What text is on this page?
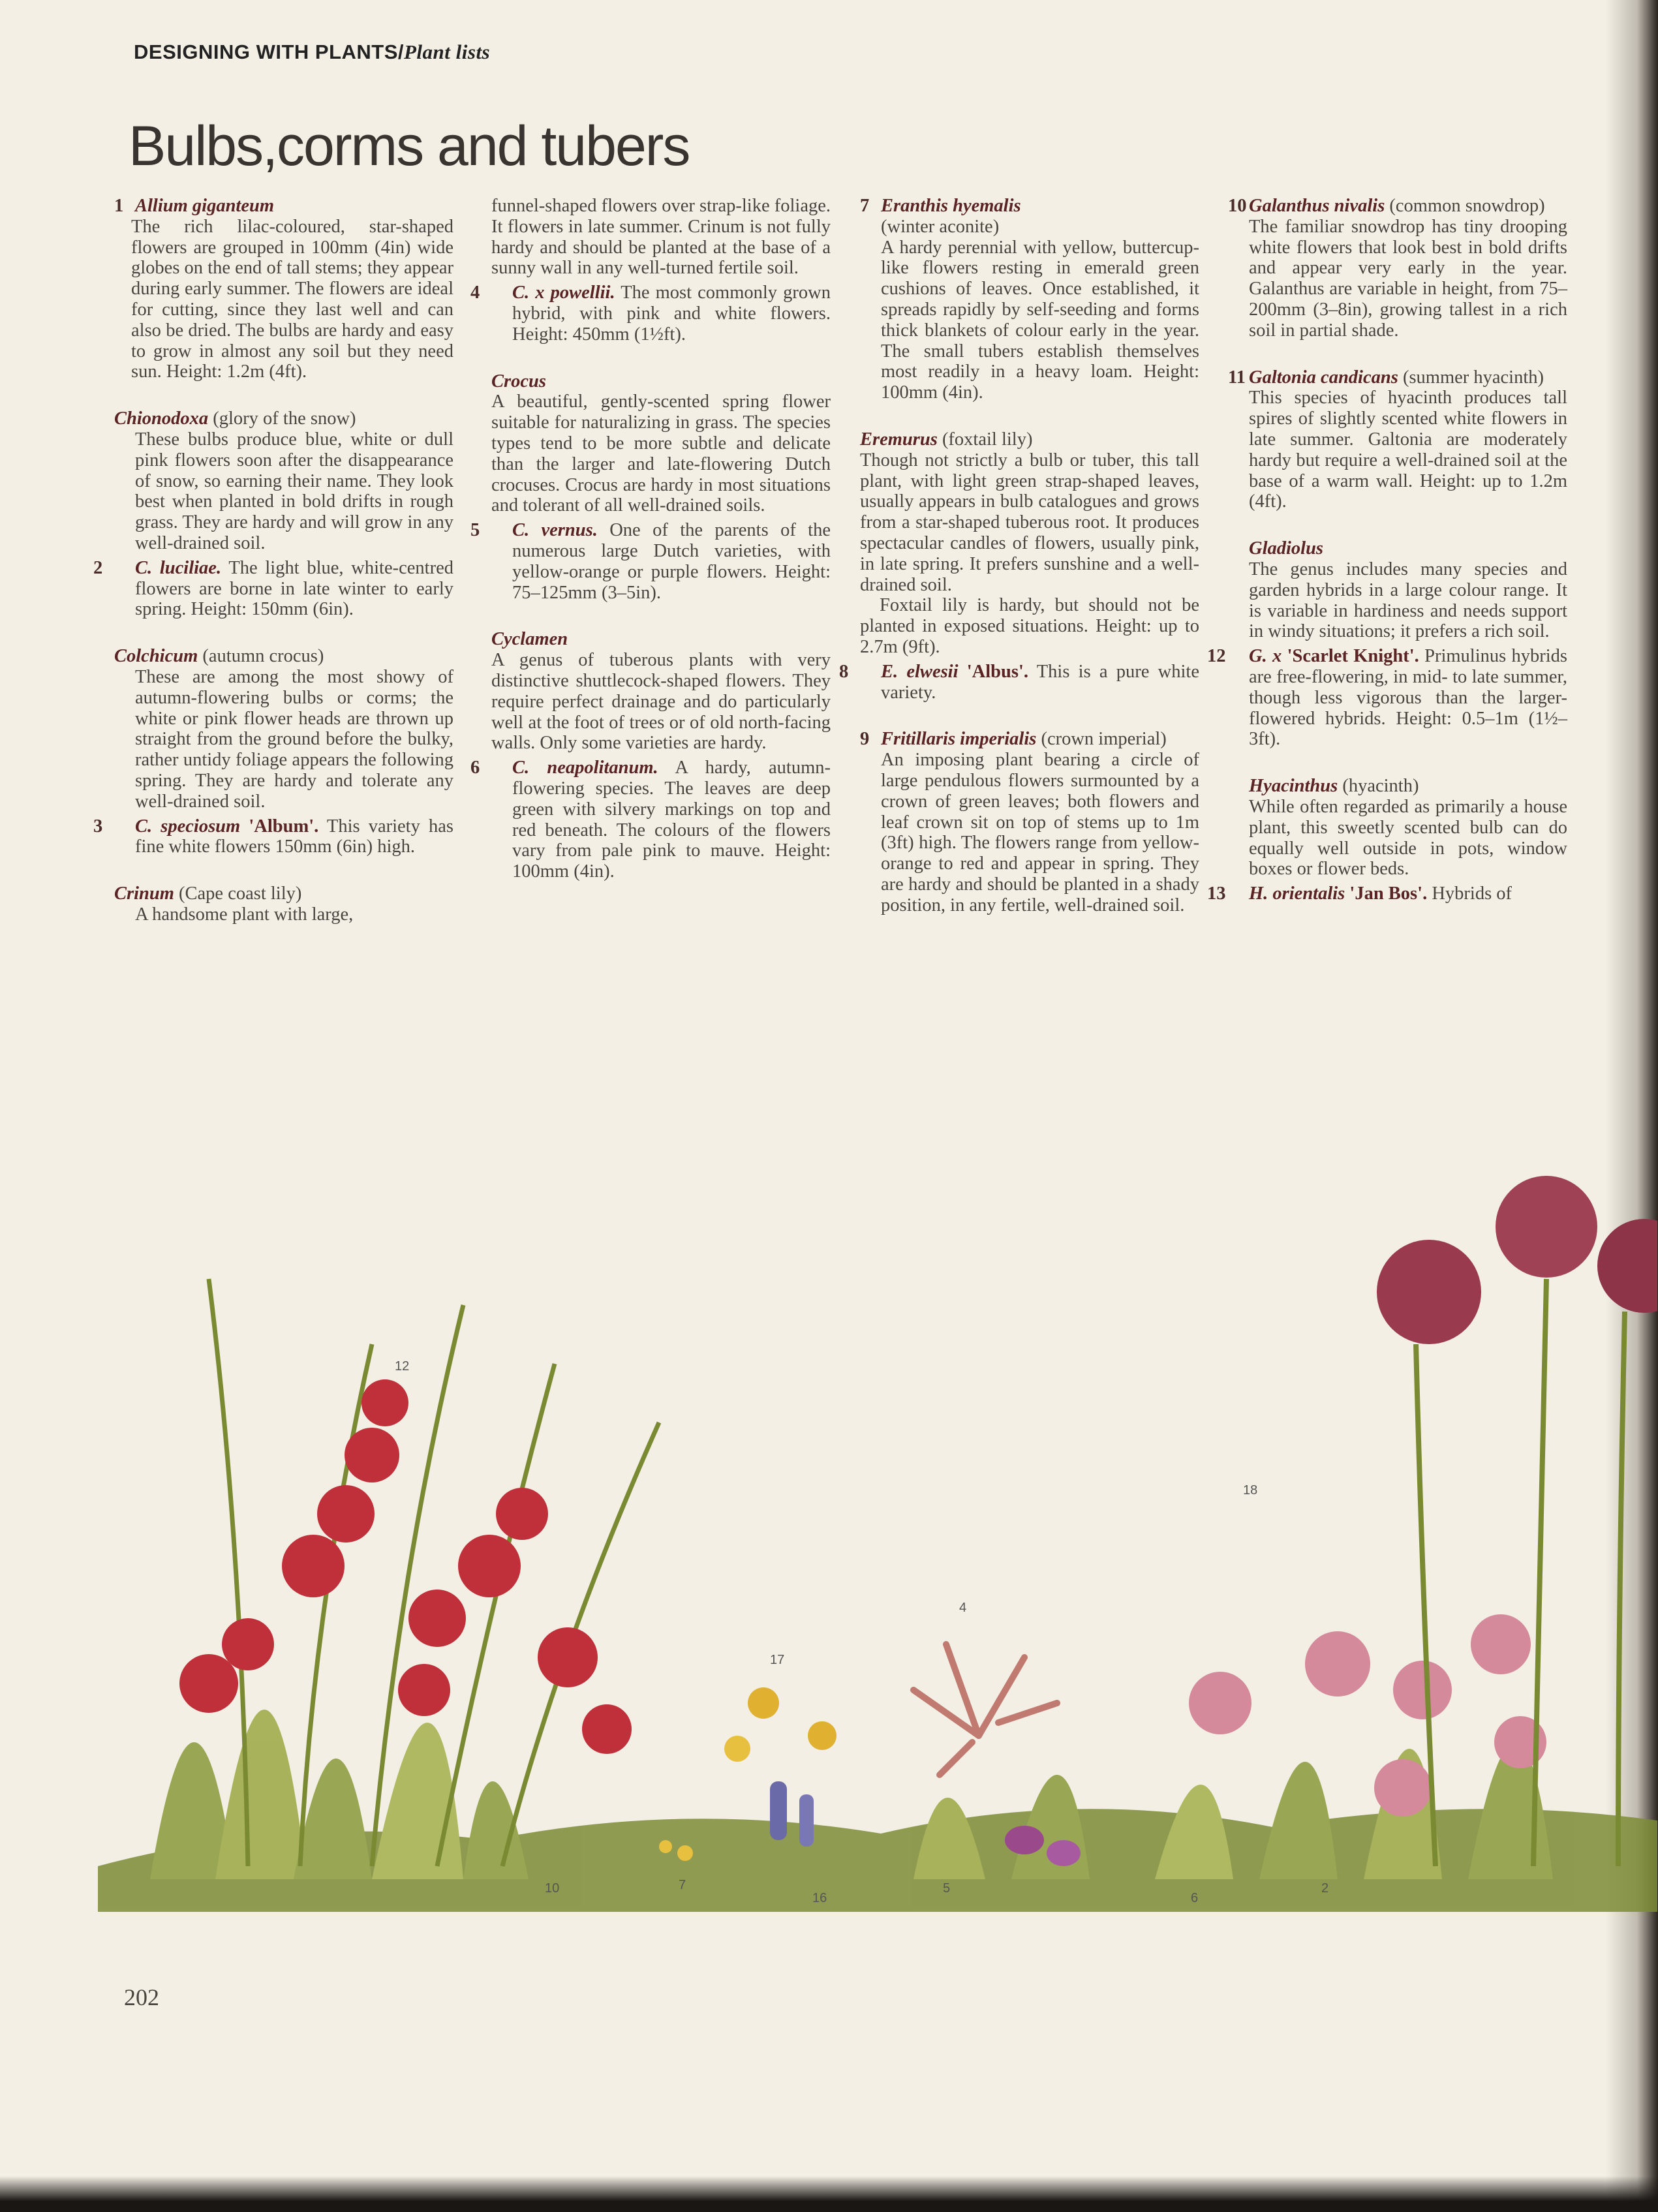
DESIGNING WITH PLANTS/Plant lists
Bulbs,corms and tubers

1 Allium giganteum

The rich lilac-coloured, star-shaped flowers are grouped in 100mm (4in) wide globes on the end of tall stems; they appear during early summer. The flowers are ideal for cutting, since they last well and can also be dried. The bulbs are hardy and easy to grow in almost any soil but they need sun. Height: 1.2m (4ft).

Chionodoxa (glory of the snow)

These bulbs produce blue, white or dull pink flowers soon after the disappearance of snow, so earning their name. They look best when planted in bold drifts in rough grass. They are hardy and will grow in any well-drained soil.

2 C. luciliae. The light blue, white-centred flowers are borne in late winter to early spring. Height: 150mm (6in).

Colchicum (autumn crocus)

These are among the most showy of autumn-flowering bulbs or corms; the white or pink flower heads are thrown up straight from the ground before the bulky, rather untidy foliage appears the following spring. They are hardy and tolerate any well-drained soil.

3 C. speciosum 'Album'. This variety has fine white flowers 150mm (6in) high.

Crinum (Cape coast lily)

A handsome plant with large,

funnel-shaped flowers over strap-like foliage. It flowers in late summer. Crinum is not fully hardy and should be planted at the base of a sunny wall in any well-turned fertile soil.

4 C. x powellii. The most commonly grown hybrid, with pink and white flowers. Height: 450mm (1½ft).

Crocus

A beautiful, gently-scented spring flower suitable for naturalizing in grass. The species types tend to be more subtle and delicate than the larger and late-flowering Dutch crocuses. Crocus are hardy in most situations and tolerant of all well-drained soils.

5 C. vernus. One of the parents of the numerous large Dutch varieties, with yellow-orange or purple flowers. Height: 75–125mm (3–5in).

Cyclamen

A genus of tuberous plants with very distinctive shuttlecock-shaped flowers. They require perfect drainage and do particularly well at the foot of trees or of old north-facing walls. Only some varieties are hardy.

6 C. neapolitanum. A hardy, autumn-flowering species. The leaves are deep green with silvery markings on top and red beneath. The colours of the flowers vary from pale pink to mauve. Height: 100mm (4in).

7 Eranthis hyemalis

(winter aconite)

A hardy perennial with yellow, buttercup-like flowers resting in emerald green cushions of leaves. Once established, it spreads rapidly by self-seeding and forms thick blankets of colour early in the year. The small tubers establish themselves most readily in a heavy loam. Height: 100mm (4in).

Eremurus (foxtail lily)

Though not strictly a bulb or tuber, this tall plant, with light green strap-shaped leaves, usually appears in bulb catalogues and grows from a star-shaped tuberous root. It produces spectacular candles of flowers, usually pink, in late spring. It prefers sunshine and a well-drained soil.

Foxtail lily is hardy, but should not be planted in exposed situations. Height: up to 2.7m (9ft).

8 E. elwesii 'Albus'. This is a pure white variety.

9 Fritillaris imperialis (crown imperial)

An imposing plant bearing a circle of large pendulous flowers surmounted by a crown of green leaves; both flowers and leaf crown sit on top of stems up to 1m (3ft) high. The flowers range from yellow-orange to red and appear in spring. They are hardy and should be planted in a shady position, in any fertile, well-drained soil.

10 Galanthus nivalis (common snowdrop)

The familiar snowdrop has tiny drooping white flowers that look best in bold drifts and appear very early in the year. Galanthus are variable in height, from 75–200mm (3–8in), growing tallest in a rich soil in partial shade.

11 Galtonia candicans (summer hyacinth)

This species of hyacinth produces tall spires of slightly scented white flowers in late summer. Galtonia are moderately hardy but require a well-drained soil at the base of a warm wall. Height: up to 1.2m (4ft).

Gladiolus

The genus includes many species and garden hybrids in a large colour range. It is variable in hardiness and needs support in windy situations; it prefers a rich soil.

12 G. x 'Scarlet Knight'. Primulinus hybrids are free-flowering, in mid- to late summer, though less vigorous than the larger-flowered hybrids. Height: 0.5–1m (1½–3ft).

Hyacinthus (hyacinth)

While often regarded as primarily a house plant, this sweetly scented bulb can do equally well outside in pots, window boxes or flower beds.

13 H. orientalis 'Jan Bos'. Hybrids of

12
17
18
4
10	7
16
5
6
2
202
